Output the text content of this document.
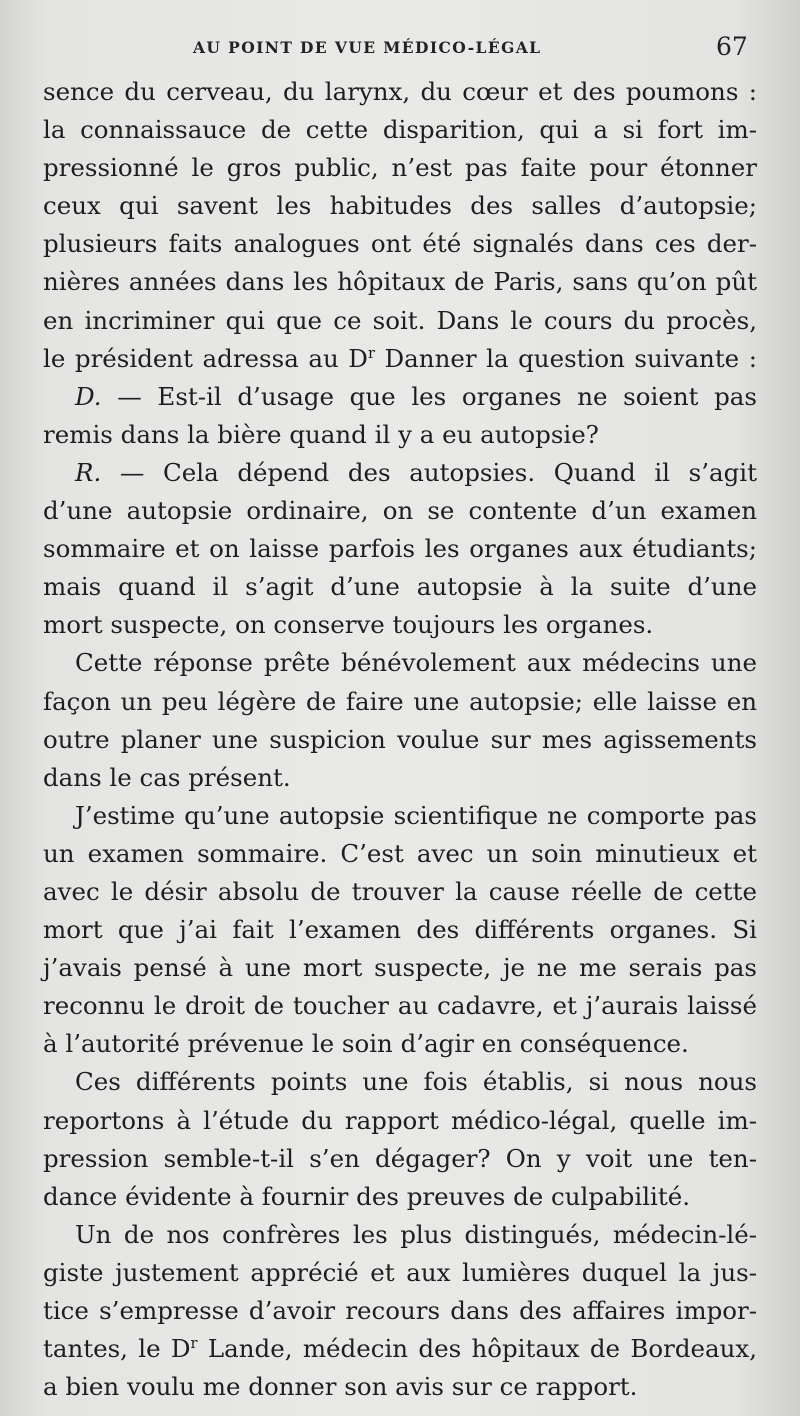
AU POINT DE VUE MÉDICO-LÉGAL	67
sence du cerveau, du larynx, du cœur et des poumons :
la connaissauce de cette disparition, qui a si fort im-
pressionné le gros public, n’est pas faite pour étonner
ceux qui savent les habitudes des salles d’autopsie;
plusieurs faits analogues ont été signalés dans ces der-
nières années dans les hôpitaux de Paris, sans qu’on pût
en incriminer qui que ce soit. Dans le cours du procès,
le président adressa au $D^r$ Danner la question suivante :
D. — Est-il d’usage que les organes ne soient pas
remis dans la bière quand il y a eu autopsie?
R. — Cela dépend des autopsies. Quand il s’agit
d’une autopsie ordinaire, on se contente d’un examen
sommaire et on laisse parfois les organes aux étudiants;
mais quand il s’agit d’une autopsie à la suite d’une
mort suspecte, on conserve toujours les organes.
Cette réponse prête bénévolement aux médecins une
façon un peu légère de faire une autopsie; elle laisse en
outre planer une suspicion voulue sur mes agissements
dans le cas présent.
J’estime qu’une autopsie scientifique ne comporte pas
un examen sommaire. C’est avec un soin minutieux et
avec le désir absolu de trouver la cause réelle de cette
mort que j’ai fait l’examen des différents organes. Si
j’avais pensé à une mort suspecte, je ne me serais pas
reconnu le droit de toucher au cadavre, et j’aurais laissé
à l’autorité prévenue le soin d’agir en conséquence.
Ces différents points une fois établis, si nous nous
reportons à l’étude du rapport médico-légal, quelle im-
pression semble-t-il s’en dégager? On y voit une ten-
dance évidente à fournir des preuves de culpabilité.
Un de nos confrères les plus distingués, médecin-lé-
giste justement apprécié et aux lumières duquel la jus-
tice s’empresse d’avoir recours dans des affaires impor-
tantes, le $D^r$ Lande, médecin des hôpitaux de Bordeaux,
a bien voulu me donner son avis sur ce rapport.
